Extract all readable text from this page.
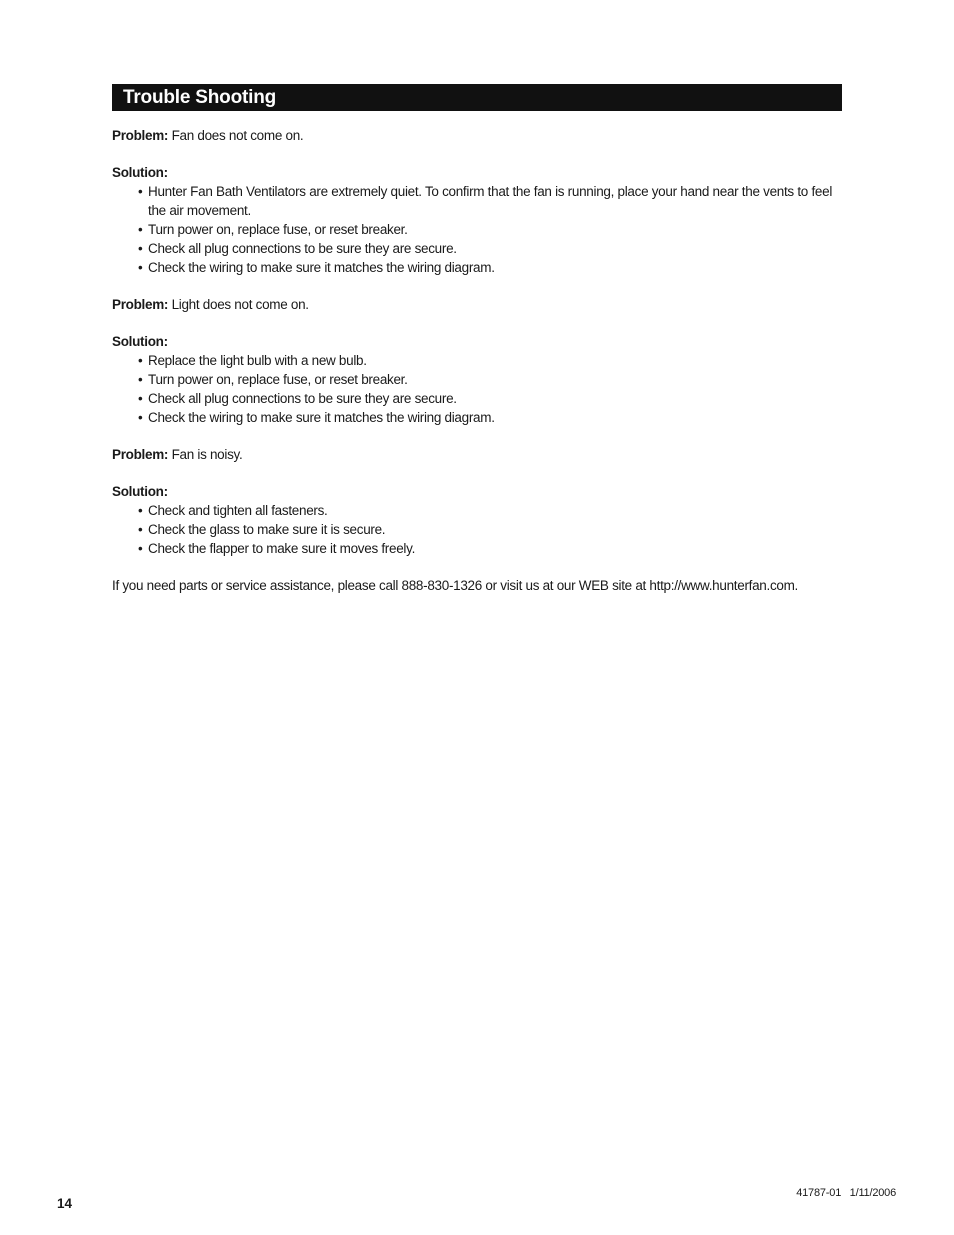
Trouble Shooting

Problem: Fan does not come on.

Solution:

• Hunter Fan Bath Ventilators are extremely quiet. To confirm that the fan is running, place your hand near the vents to feel the air movement.
• Turn power on, replace fuse, or reset breaker.
• Check all plug connections to be sure they are secure.
• Check the wiring to make sure it matches the wiring diagram.

Problem: Light does not come on.

Solution:

• Replace the light bulb with a new bulb.
• Turn power on, replace fuse, or reset breaker.
• Check all plug connections to be sure they are secure.
• Check the wiring to make sure it matches the wiring diagram.

Problem: Fan is noisy.

Solution:

• Check and tighten all fasteners.
• Check the glass to make sure it is secure.
• Check the flapper to make sure it moves freely.

If you need parts or service assistance, please call 888-830-1326 or visit us at our WEB site at http://www.hunterfan.com.

14
41787-01   1/11/2006
